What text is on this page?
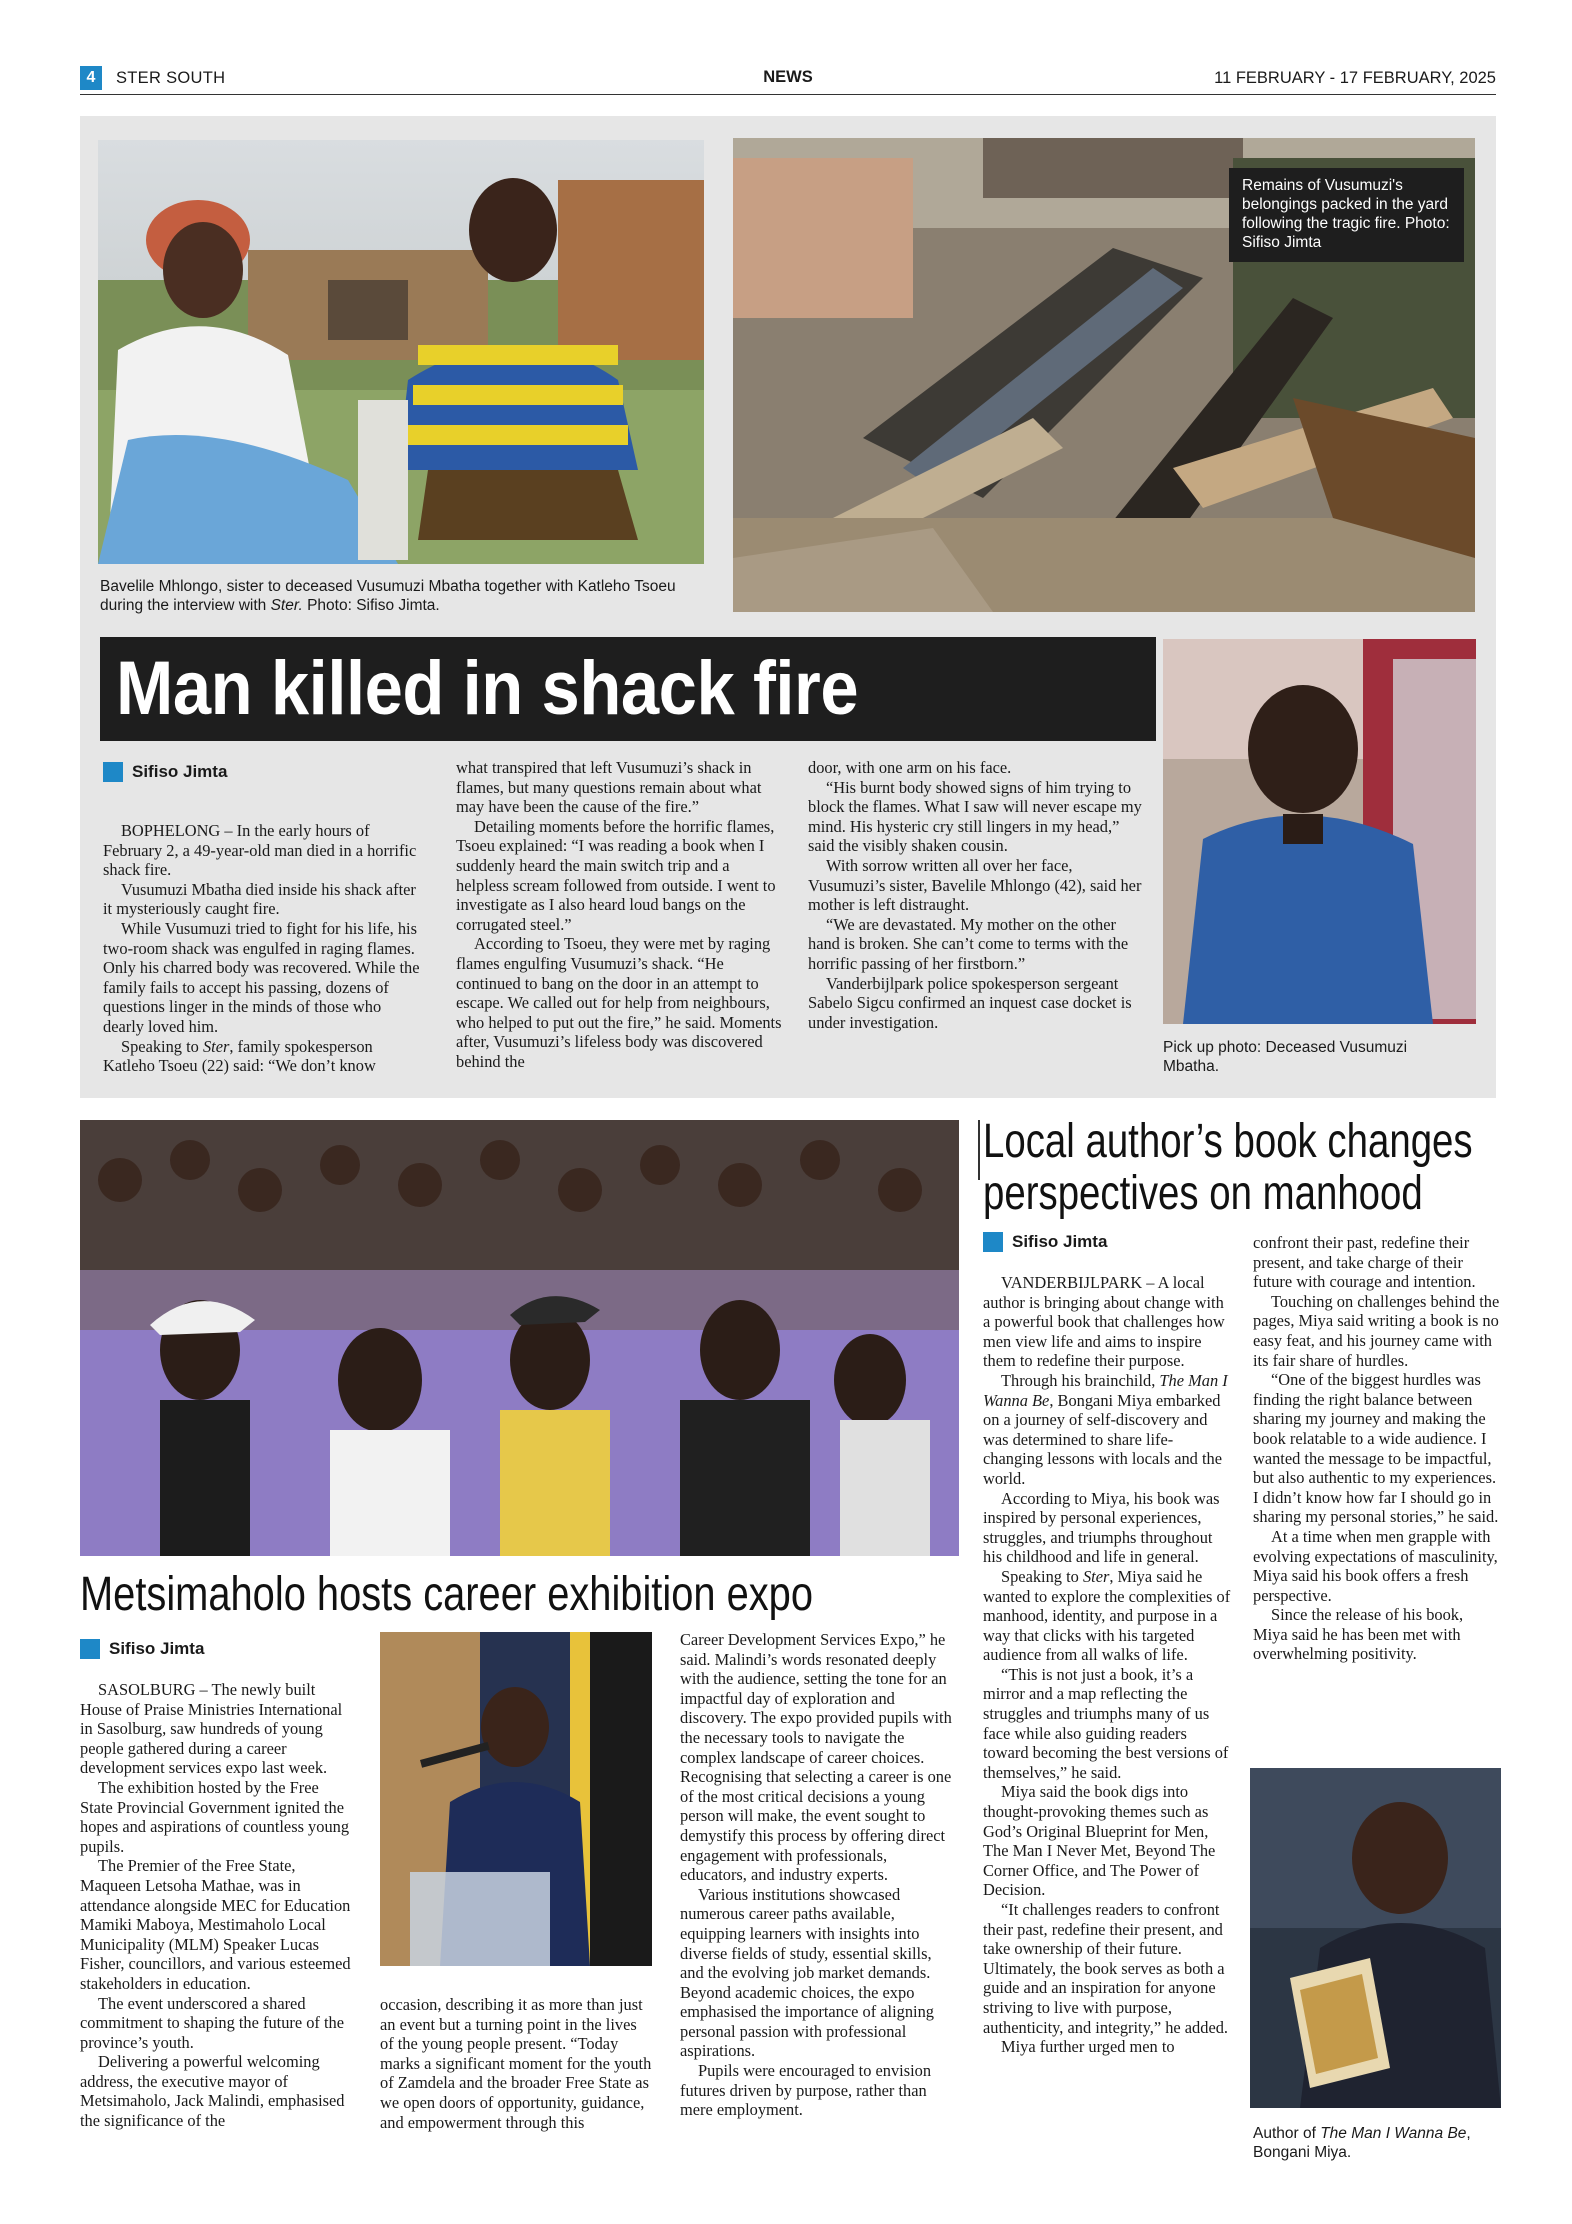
4	STER SOUTH	NEWS	11 FEBRUARY - 17 FEBRUARY, 2025
Bavelile Mhlongo, sister to deceased Vusumuzi Mbatha together with Katleho Tsoeu during the interview with Ster. Photo: Sifiso Jimta.
Remains of Vusumuzi's belongings packed in the yard following the tragic fire. Photo: Sifiso Jimta
Man killed in shack fire
Pick up photo: Deceased Vusumuzi Mbatha.
Sifiso Jimta

BOPHELONG – In the early hours of February 2, a 49-year-old man died in a horrific shack fire.

Vusumuzi Mbatha died inside his shack after it mysteriously caught fire.

While Vusumuzi tried to fight for his life, his two-room shack was engulfed in raging flames. Only his charred body was recovered. While the family fails to accept his passing, dozens of questions linger in the minds of those who dearly loved him.

Speaking to Ster, family spokesperson Katleho Tsoeu (22) said: “We don’t know

what transpired that left Vusumuzi’s shack in flames, but many questions remain about what may have been the cause of the fire.”

Detailing moments before the horrific flames, Tsoeu explained: “I was reading a book when I suddenly heard the main switch trip and a helpless scream followed from outside. I went to investigate as I also heard loud bangs on the corrugated steel.”

According to Tsoeu, they were met by raging flames engulfing Vusumuzi’s shack. “He continued to bang on the door in an attempt to escape. We called out for help from neighbours, who helped to put out the fire,” he said. Moments after, Vusumuzi’s lifeless body was discovered behind the

door, with one arm on his face.

“His burnt body showed signs of him trying to block the flames. What I saw will never escape my mind. His hysteric cry still lingers in my head,” said the visibly shaken cousin.

With sorrow written all over her face, Vusumuzi’s sister, Bavelile Mhlongo (42), said her mother is left distraught.

“We are devastated. My mother on the other hand is broken. She can’t come to terms with the horrific passing of her firstborn.”

Vanderbijlpark police spokesperson sergeant Sabelo Sigcu confirmed an inquest case docket is under investigation.

Metsimaholo hosts career exhibition expo
Sifiso Jimta

SASOLBURG – The newly built House of Praise Ministries International in Sasolburg, saw hundreds of young people gathered during a career development services expo last week.

The exhibition hosted by the Free State Provincial Government ignited the hopes and aspirations of countless young pupils.

The Premier of the Free State, Maqueen Letsoha Mathae, was in attendance alongside MEC for Education Mamiki Maboya, Mestimaholo Local Municipality (MLM) Speaker Lucas Fisher, councillors, and various esteemed stakeholders in education.

The event underscored a shared commitment to shaping the future of the province’s youth.

Delivering a powerful welcoming address, the executive mayor of Metsimaholo, Jack Malindi, emphasised the significance of the

occasion, describing it as more than just an event but a turning point in the lives of the young people present. “Today marks a significant moment for the youth of Zamdela and the broader Free State as we open doors of opportunity, guidance, and empowerment through this

Career Development Services Expo,” he said. Malindi’s words resonated deeply with the audience, setting the tone for an impactful day of exploration and discovery. The expo provided pupils with the necessary tools to navigate the complex landscape of career choices. Recognising that selecting a career is one of the most critical decisions a young person will make, the event sought to demystify this process by offering direct engagement with professionals, educators, and industry experts.

Various institutions showcased numerous career paths available, equipping learners with insights into diverse fields of study, essential skills, and the evolving job market demands. Beyond academic choices, the expo emphasised the importance of aligning personal passion with professional aspirations.

Pupils were encouraged to envision futures driven by purpose, rather than mere employment.

Local author’s book changes
perspectives on manhood
Sifiso Jimta

VANDERBIJLPARK – A local author is bringing about change with a powerful book that challenges how men view life and aims to inspire them to redefine their purpose.

Through his brainchild, The Man I Wanna Be, Bongani Miya embarked on a journey of self-discovery and was determined to share life-changing lessons with locals and the world.

According to Miya, his book was inspired by personal experiences, struggles, and triumphs throughout his childhood and life in general.

Speaking to Ster, Miya said he wanted to explore the complexities of manhood, identity, and purpose in a way that clicks with his targeted audience from all walks of life.

“This is not just a book, it’s a mirror and a map reflecting the struggles and triumphs many of us face while also guiding readers toward becoming the best versions of themselves,” he said.

Miya said the book digs into thought-provoking themes such as God’s Original Blueprint for Men, The Man I Never Met, Beyond The Corner Office, and The Power of Decision.

“It challenges readers to confront their past, redefine their present, and take ownership of their future. Ultimately, the book serves as both a guide and an inspiration for anyone striving to live with purpose, authenticity, and integrity,” he added.

Miya further urged men to

confront their past, redefine their present, and take charge of their future with courage and intention.

Touching on challenges behind the pages, Miya said writing a book is no easy feat, and his journey came with its fair share of hurdles.

“One of the biggest hurdles was finding the right balance between sharing my journey and making the book relatable to a wide audience. I wanted the message to be impactful, but also authentic to my experiences. I didn’t know how far I should go in sharing my personal stories,” he said.

At a time when men grapple with evolving expectations of masculinity, Miya said his book offers a fresh perspective.

Since the release of his book, Miya said he has been met with overwhelming positivity.

Author of The Man I Wanna Be, Bongani Miya.
